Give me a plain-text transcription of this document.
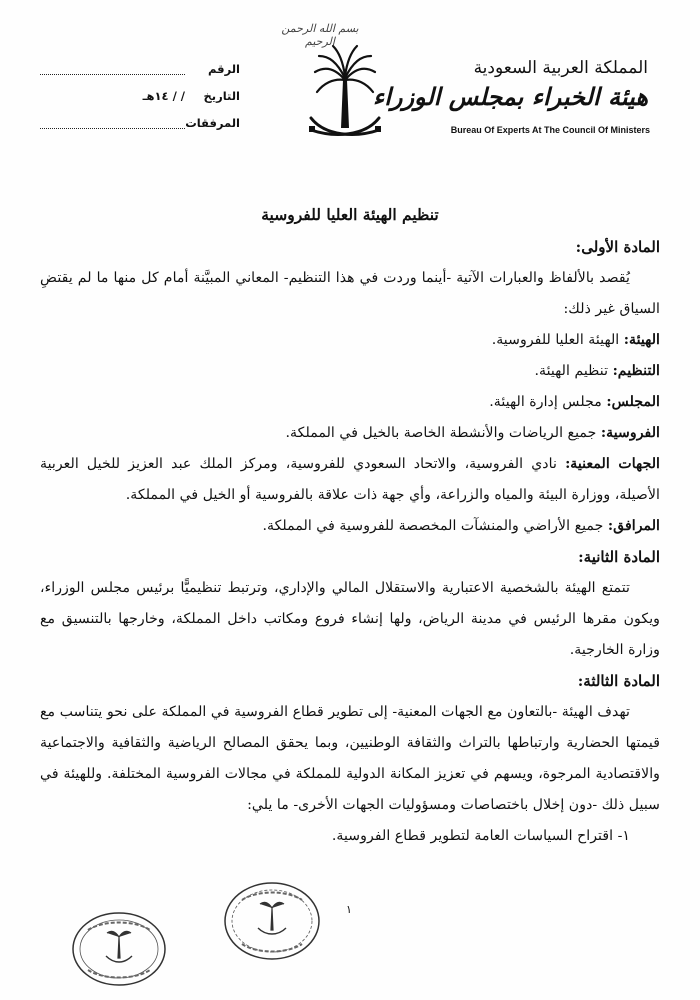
بسم الله الرحمن الرحيم
المملكة العربية السعودية
هيئة الخبراء بمجلس الوزراء
Bureau Of Experts At The Council Of Ministers
الرقم
التاريخ
/ / ١٤هـ
المرفقات
تنظيم الهيئة العليا للفروسية

المادة الأولى:

يُقصد بالألفاظ والعبارات الآتية -أينما وردت في هذا التنظيم- المعاني المبيَّنة أمام كل منها ما لم يقتضِ السياق غير ذلك:

الهيئة: الهيئة العليا للفروسية.

التنظيم: تنظيم الهيئة.

المجلس: مجلس إدارة الهيئة.

الفروسية: جميع الرياضات والأنشطة الخاصة بالخيل في المملكة.

الجهات المعنية: نادي الفروسية، والاتحاد السعودي للفروسية، ومركز الملك عبد العزيز للخيل العربية الأصيلة، ووزارة البيئة والمياه والزراعة، وأي جهة ذات علاقة بالفروسية أو الخيل في المملكة.

المرافق: جميع الأراضي والمنشآت المخصصة للفروسية في المملكة.

المادة الثانية:

تتمتع الهيئة بالشخصية الاعتبارية والاستقلال المالي والإداري، وترتبط تنظيميًّا برئيس مجلس الوزراء، ويكون مقرها الرئيس في مدينة الرياض، ولها إنشاء فروع ومكاتب داخل المملكة، وخارجها بالتنسيق مع وزارة الخارجية.

المادة الثالثة:

تهدف الهيئة -بالتعاون مع الجهات المعنية- إلى تطوير قطاع الفروسية في المملكة على نحو يتناسب مع قيمتها الحضارية وارتباطها بالتراث والثقافة الوطنيين، وبما يحقق المصالح الرياضية والثقافية والاجتماعية والاقتصادية المرجوة، ويسهم في تعزيز المكانة الدولية للمملكة في مجالات الفروسية المختلفة. وللهيئة في سبيل ذلك -دون إخلال باختصاصات ومسؤوليات الجهات الأخرى- ما يلي:

١- اقتراح السياسات العامة لتطوير قطاع الفروسية.

١
